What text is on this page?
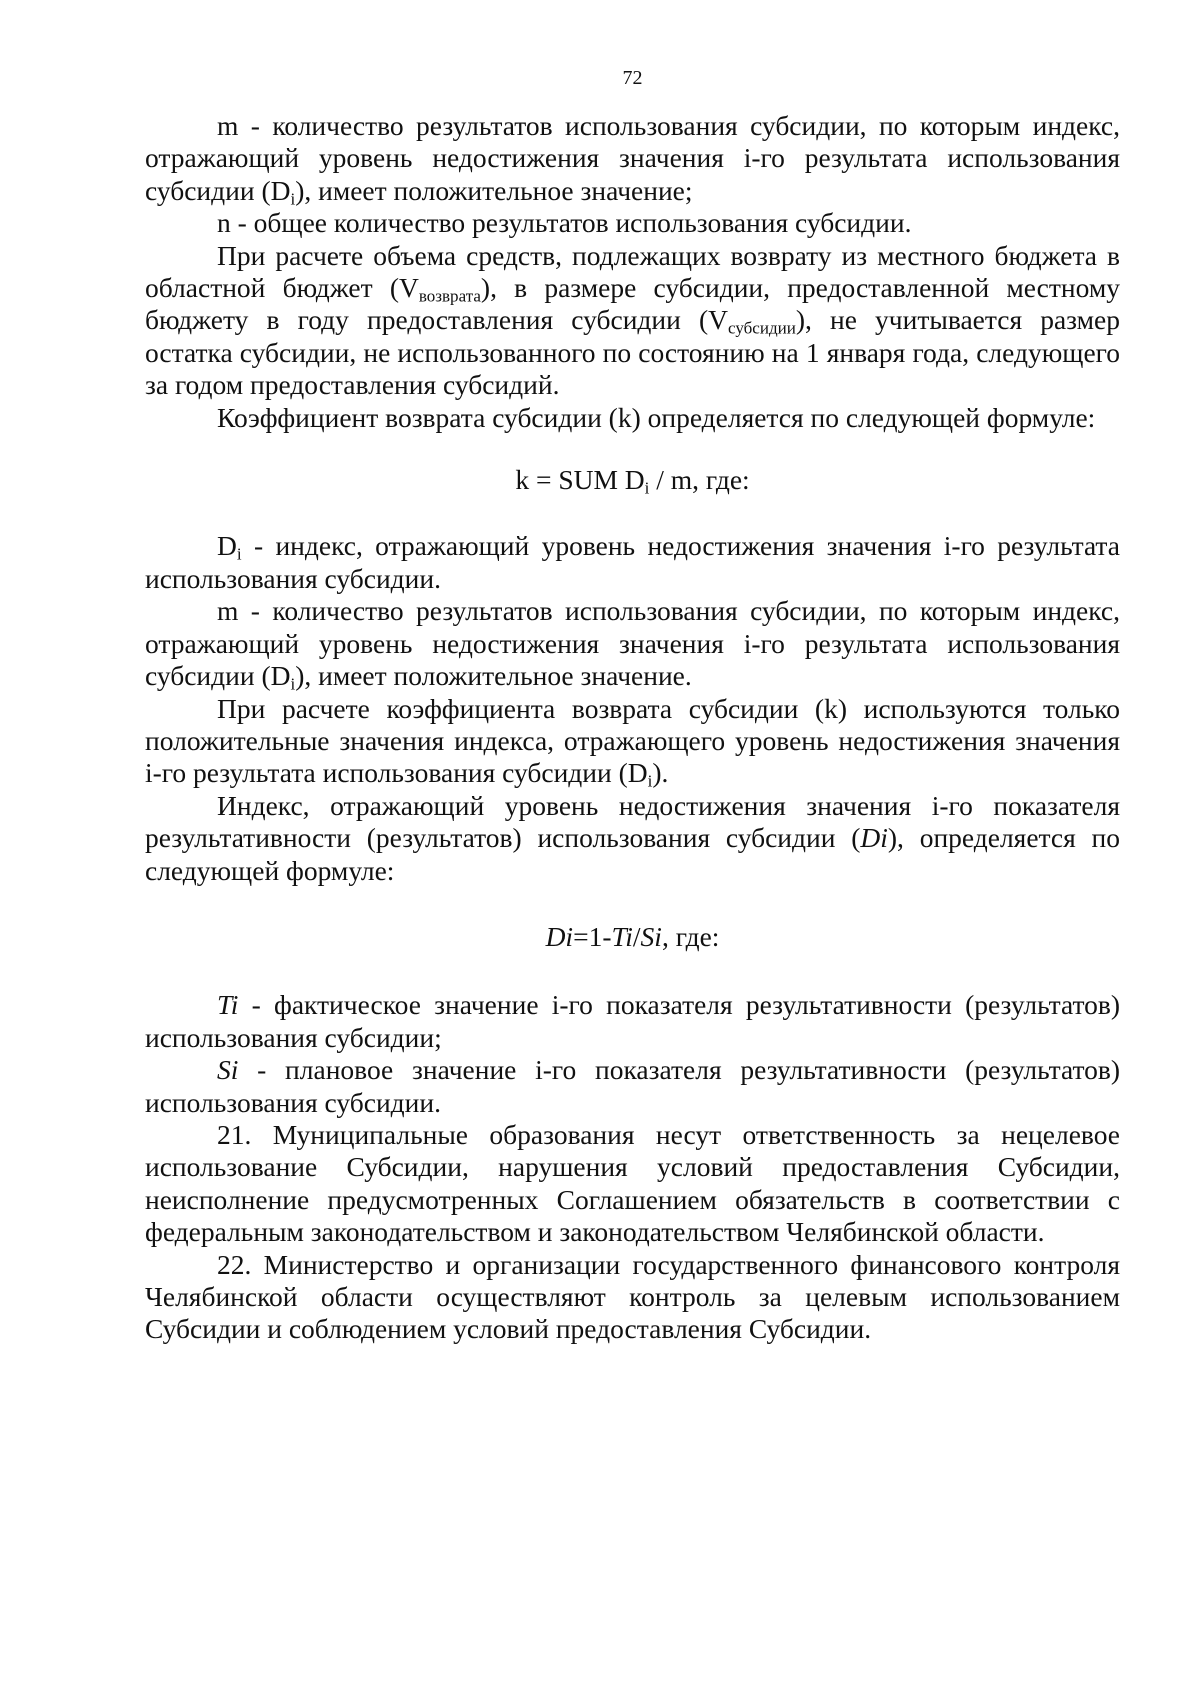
72

m - количество результатов использования субсидии, по которым индекс, отражающий уровень недостижения значения i-го результата использования субсидии $(D_i)$, имеет положительное значение;

n - общее количество результатов использования субсидии.

При расчете объема средств, подлежащих возврату из местного бюджета в областной бюджет $(V_{возврата})$, в размере субсидии, предоставленной местному бюджету в году предоставления субсидии $(V_{субсидии})$, не учитывается размер остатка субсидии, не использованного по состоянию на 1 января года, следующего за годом предоставления субсидий.

Коэффициент возврата субсидии (k) определяется по следующей формуле:

k = SUM $D_i$ / m, где:

$D_i$ - индекс, отражающий уровень недостижения значения i-го результата использования субсидии.

m - количество результатов использования субсидии, по которым индекс, отражающий уровень недостижения значения i-го результата использования субсидии $(D_i)$, имеет положительное значение.

При расчете коэффициента возврата субсидии (k) используются только положительные значения индекса, отражающего уровень недостижения значения i-го результата использования субсидии $(D_i)$.

Индекс, отражающий уровень недостижения значения i-го показателя результативности (результатов) использования субсидии (Di), определяется по следующей формуле:

Di=1-Ti/Si, где:

Ti - фактическое значение i-го показателя результативности (результатов) использования субсидии;

Si - плановое значение i-го показателя результативности (результатов) использования субсидии.

21. Муниципальные образования несут ответственность за нецелевое использование Субсидии, нарушения условий предоставления Субсидии, неисполнение предусмотренных Соглашением обязательств в соответствии с федеральным законодательством и законодательством Челябинской области.

22. Министерство и организации государственного финансового контроля Челябинской области осуществляют контроль за целевым использованием Субсидии и соблюдением условий предоставления Субсидии.
